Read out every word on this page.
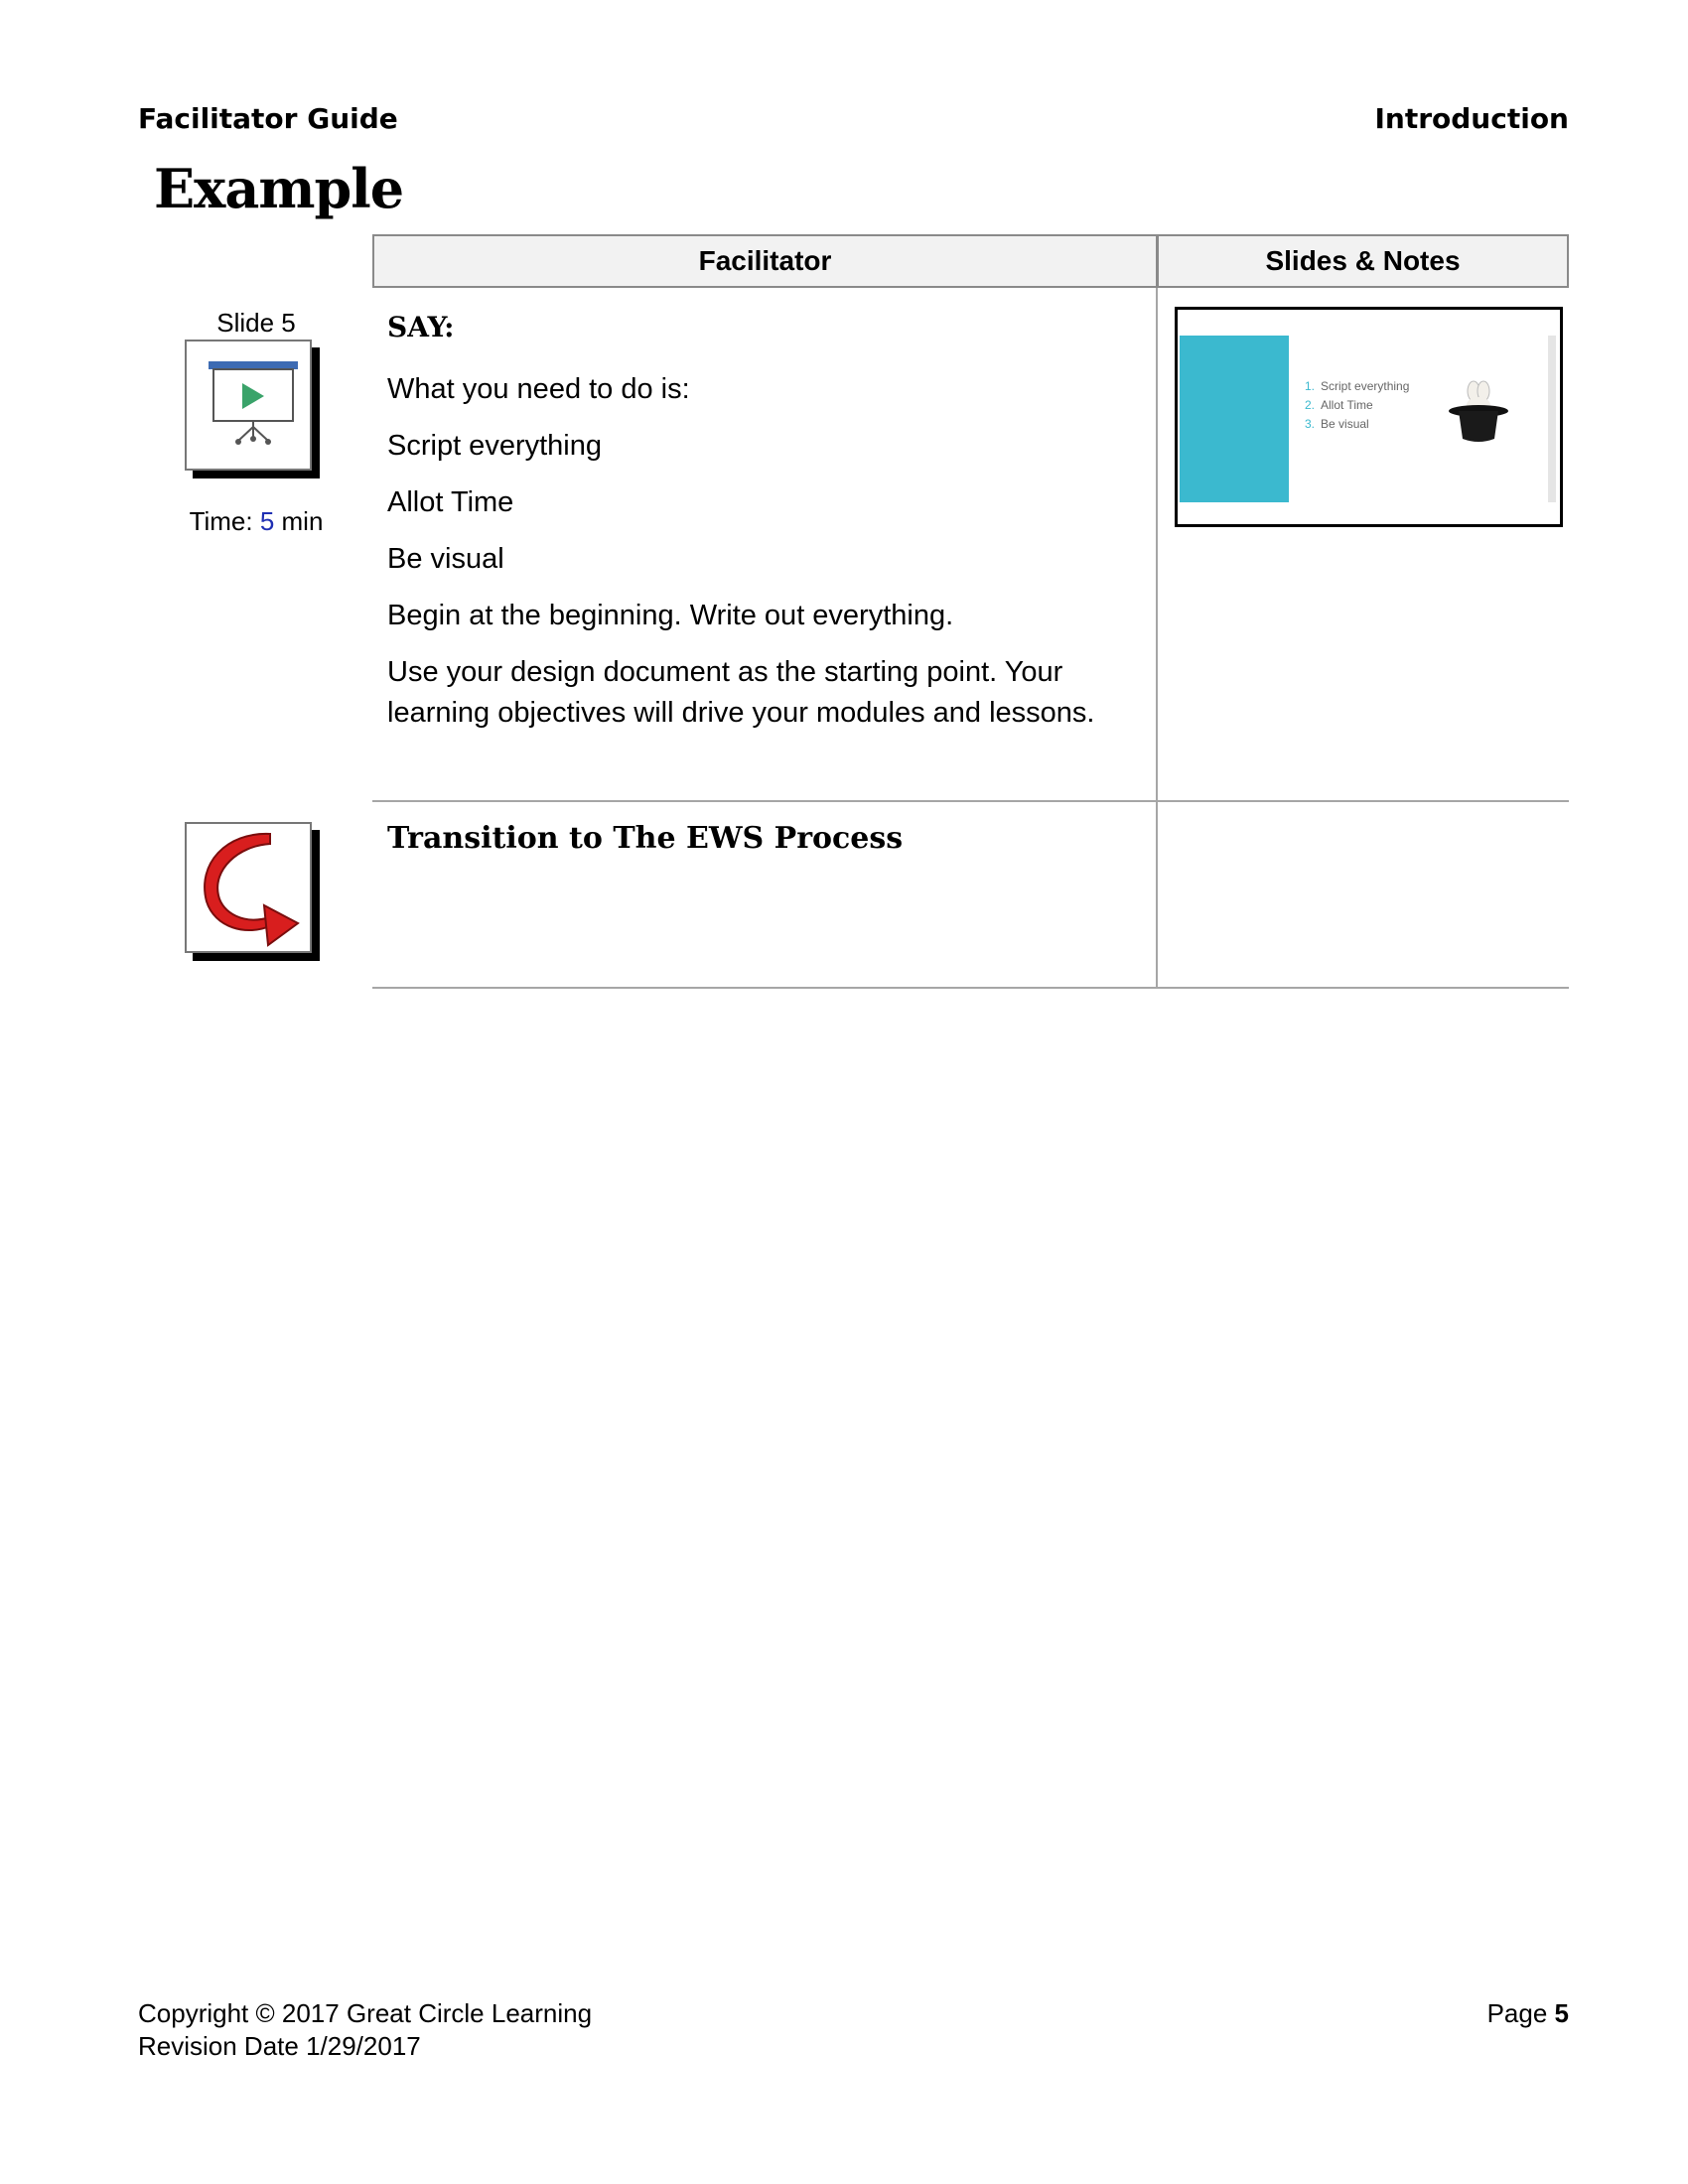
Facilitator Guide	Introduction
Example
Facilitator	Slides & Notes
Slide 5
Time: 5 min
SAY:

What you need to do is:

Script everything

Allot Time

Be visual

Begin at the beginning. Write out everything.

Use your design document as the starting point. Your learning objectives will drive your modules and lessons.

1. Script everything
2. Allot Time
3. Be visual
Transition to The EWS Process
Copyright © 2017 Great Circle Learning
Revision Date 1/29/2017
Page 5
